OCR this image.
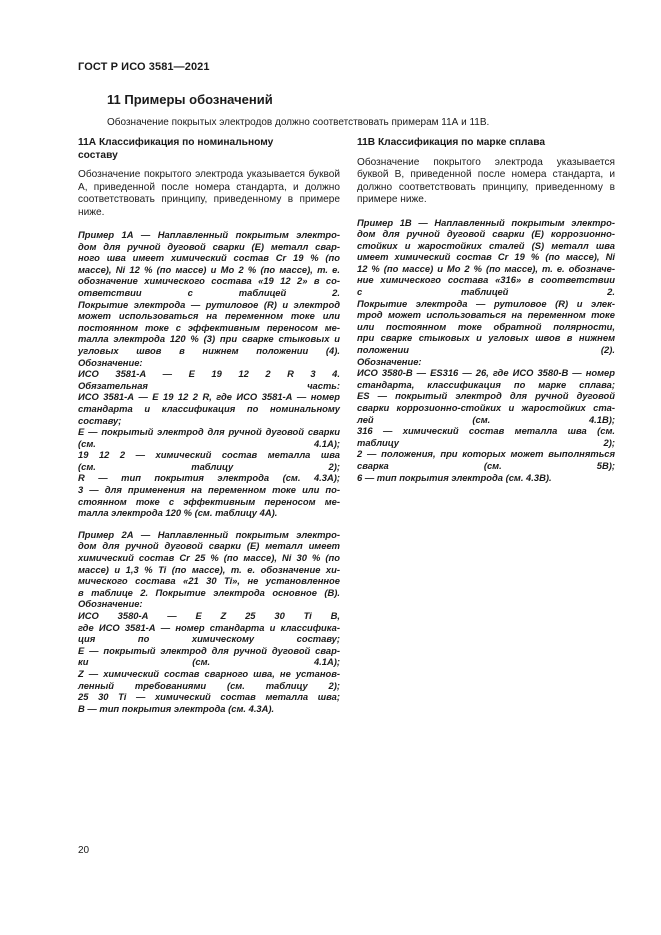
ГОСТ Р ИСО 3581—2021
11 Примеры обозначений
Обозначение покрытых электродов должно соответствовать примерам 11А и 11В.
11А Классификация по номинальному
составу
Обозначение покрытого электрода указывается буквой А, приведенной после номера стандарта, и должно соответствовать принципу, приведенному в примере ниже.
Пример 1А — Наплавленный покрытым электро-
дом для ручной дуговой сварки (Е) металл свар-
ного шва имеет химический состав Cr 19 % (по
массе), Ni 12 % (по массе) и Mo 2 % (по массе), т. е.
обозначение химического состава «19 12 2» в со-
ответствии с таблицей 2.
Покрытие электрода — рутиловое (R) и электрод
может использоваться на переменном токе или
постоянном токе с эффективным переносом ме-
талла электрода 120 % (3) при сварке стыковых и
угловых швов в нижнем положении (4).
Обозначение:
ИСО 3581-А — Е 19 12 2 R 3 4.
Обязательная часть:
ИСО 3581-А — Е 19 12 2 R, где ИСО 3581-А — номер
стандарта и классификация по номинальному
составу;
Е — покрытый электрод для ручной дуговой сварки
(см. 4.1А);
19 12 2 — химический состав металла шва
(см. таблицу 2);
R — тип покрытия электрода (см. 4.3А);
3 — для применения на переменном токе или по-
стоянном токе с эффективным переносом ме-
талла электрода 120 % (см. таблицу 4А).
Пример 2А — Наплавленный покрытым электро-
дом для ручной дуговой сварки (Е) металл имеет
химический состав Cr 25 % (по массе), Ni 30 % (по
массе) и 1,3 % Ti (по массе), т. е. обозначение хи-
мического состава «21 30 Ti», не установленное
в таблице 2. Покрытие электрода основное (В).
Обозначение:
ИСО 3580-А — Е Z 25 30 Ti B,
где ИСО 3581-А — номер стандарта и классифика-
ция по химическому составу;
Е — покрытый электрод для ручной дуговой свар-
ки (см. 4.1А);
Z — химический состав сварного шва, не установ-
ленный требованиями (см. таблицу 2);
25 30 Ti — химический состав металла шва;
В — тип покрытия электрода (см. 4.3А).
11В Классификация по марке сплава
Обозначение покрытого электрода указывается буквой В, приведенной после номера стандарта, и должно соответствовать принципу, приведенному в примере ниже.
Пример 1В — Наплавленный покрытым электро-
дом для ручной дуговой сварки (Е) коррозионно-
стойких и жаростойких сталей (S) металл шва
имеет химический состав Cr 19 % (по массе), Ni
12 % (по массе) и Mo 2 % (по массе), т. е. обозначе-
ние химического состава «316» в соответствии
с таблицей 2.
Покрытие электрода — рутиловое (R) и элек-
трод может использоваться на переменном токе
или постоянном токе обратной полярности,
при сварке стыковых и угловых швов в нижнем
положении (2).
Обозначение:
ИСО 3580-В — ES316 — 26, где ИСО 3580-В — номер
стандарта, классификация по марке сплава;
ES — покрытый электрод для ручной дуговой
сварки коррозионно-стойких и жаростойких ста-
лей (см. 4.1В);
316 — химический состав металла шва (см.
таблицу 2);
2 — положения, при которых может выполняться
сварка (см. 5В);
6 — тип покрытия электрода (см. 4.3В).
20
